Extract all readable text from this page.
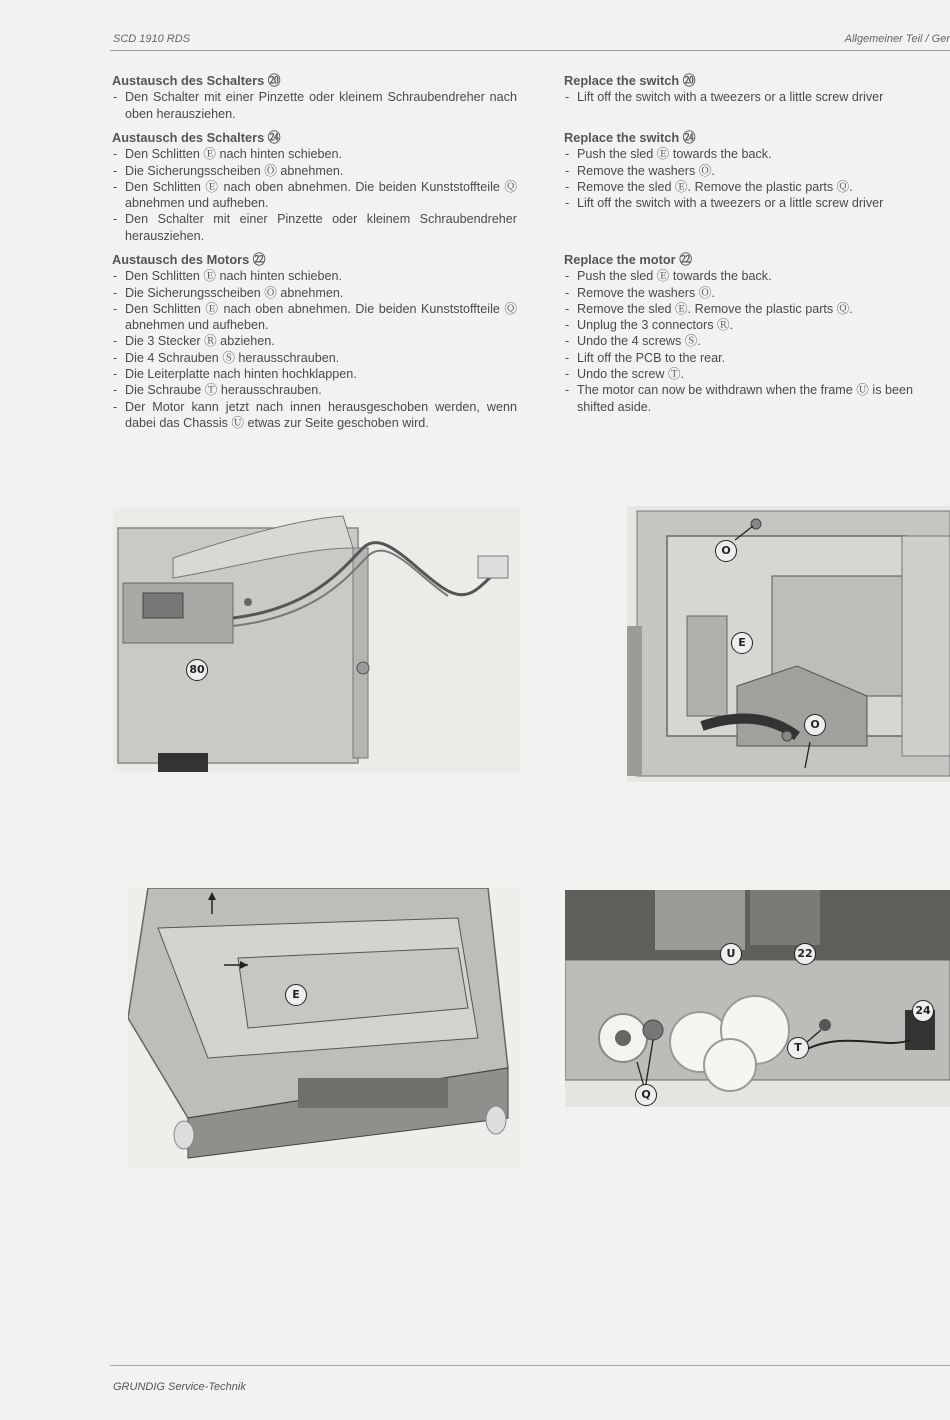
SCD 1910 RDS	Allgemeiner Teil / Ger
Austausch des Schalters ⑳
- Den Schalter mit einer Pinzette oder kleinem Schraubendreher nach oben herausziehen.
Austausch des Schalters ㉔
- Den Schlitten Ⓔ nach hinten schieben.
- Die Sicherungsscheiben Ⓞ abnehmen.
- Den Schlitten Ⓔ nach oben abnehmen. Die beiden Kunststoffteile Ⓠ abnehmen und aufheben.
- Den Schalter mit einer Pinzette oder kleinem Schraubendreher herausziehen.
Austausch des Motors ㉒
- Den Schlitten Ⓔ nach hinten schieben.
- Die Sicherungsscheiben Ⓞ abnehmen.
- Den Schlitten Ⓔ nach oben abnehmen. Die beiden Kunststoffteile Ⓠ abnehmen und aufheben.
- Die 3 Stecker Ⓡ abziehen.
- Die 4 Schrauben Ⓢ herausschrauben.
- Die Leiterplatte nach hinten hochklappen.
- Die Schraube Ⓣ herausschrauben.
- Der Motor kann jetzt nach innen herausgeschoben werden, wenn dabei das Chassis Ⓤ etwas zur Seite geschoben wird.
Replace the switch ⑳
- Lift off the switch with a tweezers or a little screw driver
Replace the switch ㉔
- Push the sled Ⓔ towards the back.
- Remove the washers Ⓞ.
- Remove the sled Ⓔ. Remove the plastic parts Ⓠ.
- Lift off the switch with a tweezers or a little screw driver
Replace the motor ㉒
- Push the sled Ⓔ towards the back.
- Remove the washers Ⓞ.
- Remove the sled Ⓔ. Remove the plastic parts Ⓠ.
- Unplug the 3 connectors Ⓡ.
- Undo the 4 screws Ⓢ.
- Lift off the PCB to the rear.
- Undo the screw Ⓣ.
- The motor can now be withdrawn when the frame Ⓤ is been shifted aside.
80
O
E
O
E
U	22
24
T
Q
GRUNDIG Service-Technik
